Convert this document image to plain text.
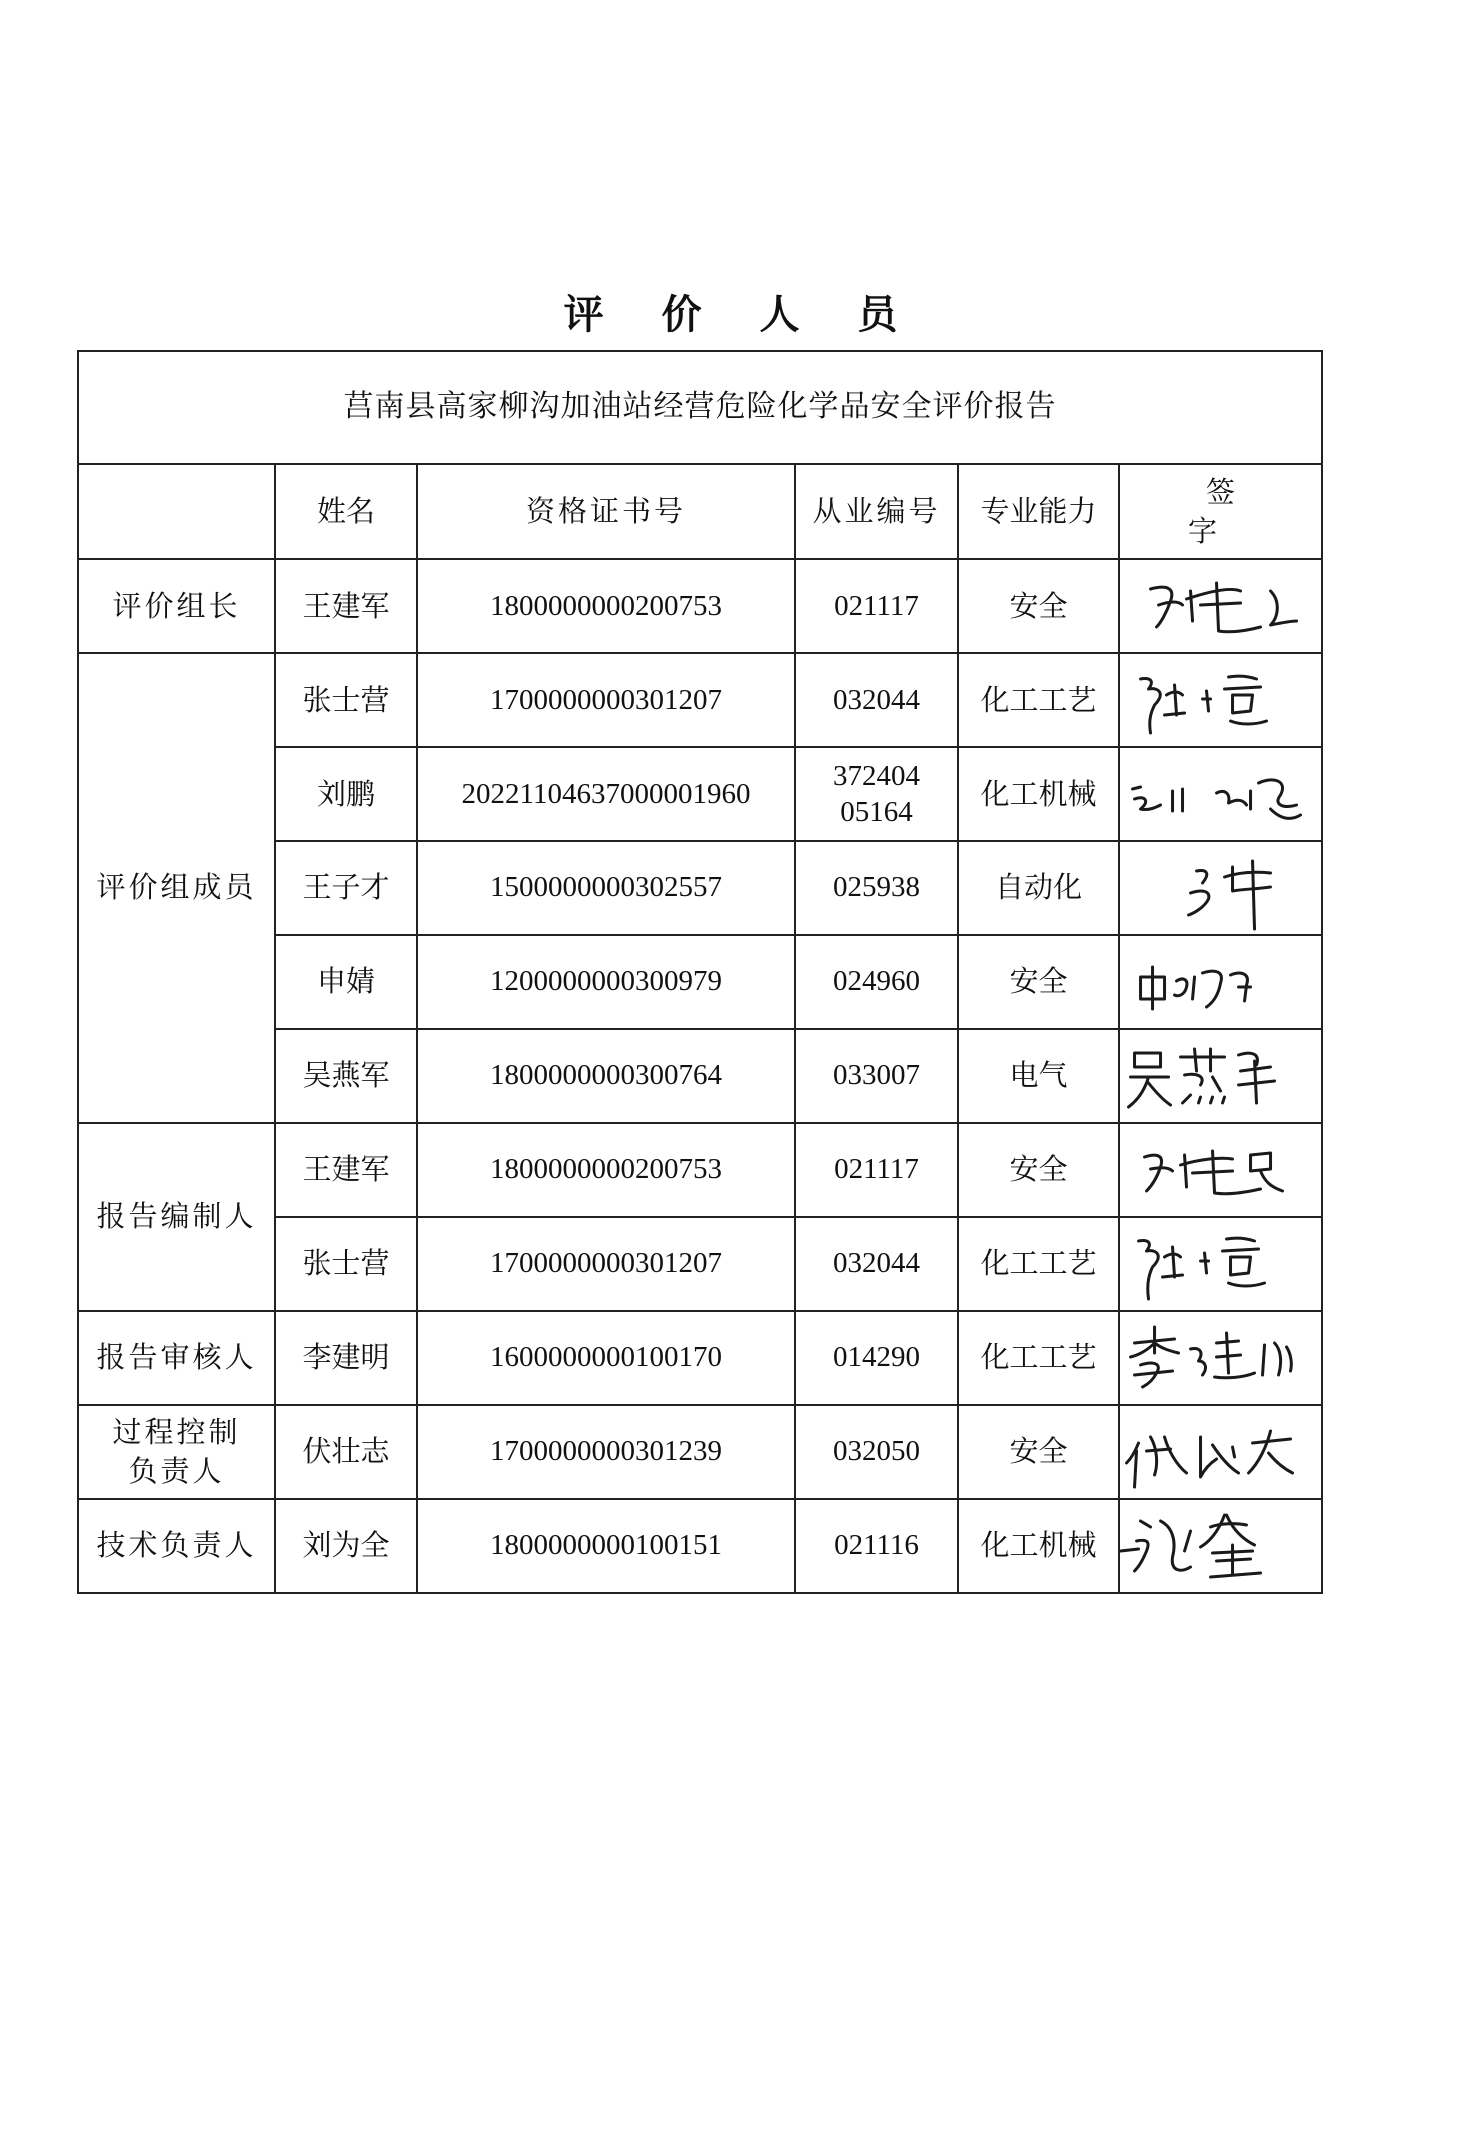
评 价 人 员
莒南县高家柳沟加油站经营危险化学品安全评价报告					
	姓名	资格证书号	从业编号	专业能力	签 字
评价组长	王建军	1800000000200753	021117	安全	

评价组成员	张士营	1700000000301207	032044	化工工艺	

	刘鹏	20221104637000001960	372404 05164	化工机械	

	王子才	1500000000302557	025938	自动化	

	申婧	1200000000300979	024960	安全	

	吴燕军	1800000000300764	033007	电气	

报告编制人	王建军	1800000000200753	021117	安全	

	张士营	1700000000301207	032044	化工工艺	

报告审核人	李建明	1600000000100170	014290	化工工艺	

过程控制负责人	伏壮志	1700000000301239	032050	安全	

技术负责人	刘为全	1800000000100151	021116	化工机械	
